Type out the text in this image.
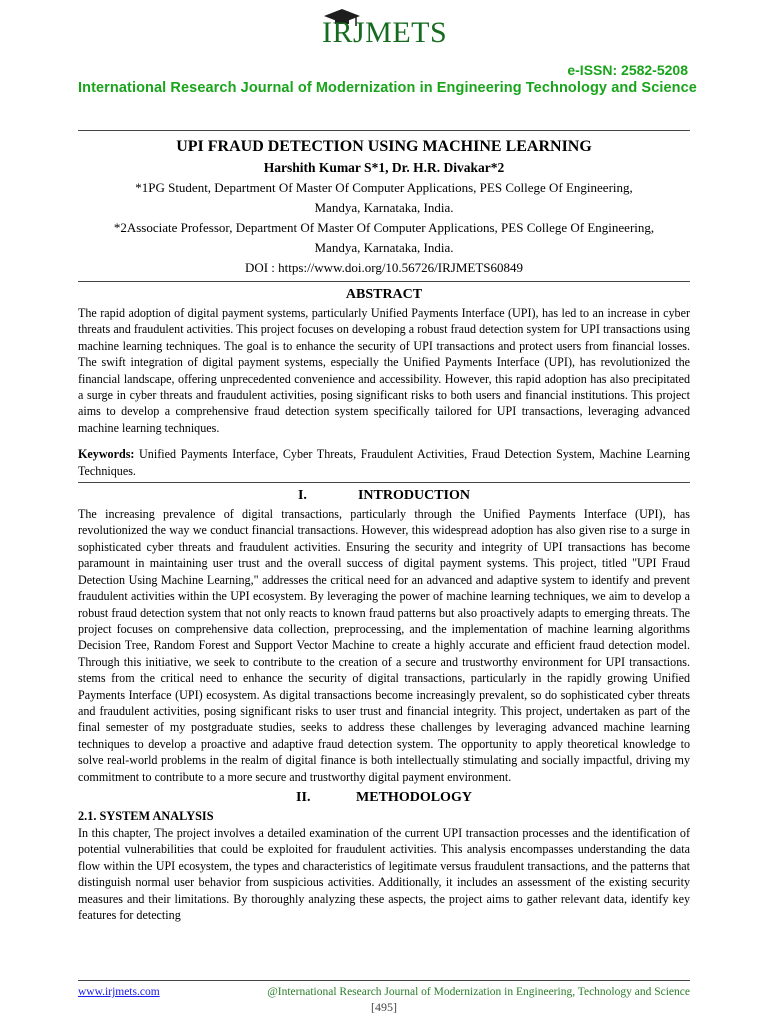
IRJMETS
e-ISSN: 2582-5208
International Research Journal of Modernization in Engineering Technology and Science
UPI FRAUD DETECTION USING MACHINE LEARNING
Harshith Kumar S*1, Dr. H.R. Divakar*2
*1PG Student, Department Of Master Of Computer Applications, PES College Of Engineering,
Mandya, Karnataka, India.
*2Associate Professor, Department Of Master Of Computer Applications, PES College Of Engineering,
Mandya, Karnataka, India.
DOI : https://www.doi.org/10.56726/IRJMETS60849
ABSTRACT

The rapid adoption of digital payment systems, particularly Unified Payments Interface (UPI), has led to an increase in cyber threats and fraudulent activities. This project focuses on developing a robust fraud detection system for UPI transactions using machine learning techniques. The goal is to enhance the security of UPI transactions and protect users from financial losses. The swift integration of digital payment systems, especially the Unified Payments Interface (UPI), has revolutionized the financial landscape, offering unprecedented convenience and accessibility. However, this rapid adoption has also precipitated a surge in cyber threats and fraudulent activities, posing significant risks to both users and financial institutions. This project aims to develop a comprehensive fraud detection system specifically tailored for UPI transactions, leveraging advanced machine learning techniques.

Keywords: Unified Payments Interface, Cyber Threats, Fraudulent Activities, Fraud Detection System, Machine Learning Techniques.

I.	INTRODUCTION

The increasing prevalence of digital transactions, particularly through the Unified Payments Interface (UPI), has revolutionized the way we conduct financial transactions. However, this widespread adoption has also given rise to a surge in sophisticated cyber threats and fraudulent activities. Ensuring the security and integrity of UPI transactions has become paramount in maintaining user trust and the overall success of digital payment systems. This project, titled "UPI Fraud Detection Using Machine Learning," addresses the critical need for an advanced and adaptive system to identify and prevent fraudulent activities within the UPI ecosystem. By leveraging the power of machine learning techniques, we aim to develop a robust fraud detection system that not only reacts to known fraud patterns but also proactively adapts to emerging threats. The project focuses on comprehensive data collection, preprocessing, and the implementation of machine learning algorithms Decision Tree, Random Forest and Support Vector Machine to create a highly accurate and efficient fraud detection model. Through this initiative, we seek to contribute to the creation of a secure and trustworthy environment for UPI transactions. stems from the critical need to enhance the security of digital transactions, particularly in the rapidly growing Unified Payments Interface (UPI) ecosystem. As digital transactions become increasingly prevalent, so do sophisticated cyber threats and fraudulent activities, posing significant risks to user trust and financial integrity. This project, undertaken as part of the final semester of my postgraduate studies, seeks to address these challenges by leveraging advanced machine learning techniques to develop a proactive and adaptive fraud detection system. The opportunity to apply theoretical knowledge to solve real-world problems in the realm of digital finance is both intellectually stimulating and socially impactful, driving my commitment to contribute to a more secure and trustworthy digital payment environment.

II.	METHODOLOGY

2.1. SYSTEM ANALYSIS

In this chapter, The project involves a detailed examination of the current UPI transaction processes and the identification of potential vulnerabilities that could be exploited for fraudulent activities. This analysis encompasses understanding the data flow within the UPI ecosystem, the types and characteristics of legitimate versus fraudulent transactions, and the patterns that distinguish normal user behavior from suspicious activities. Additionally, it includes an assessment of the existing security measures and their limitations. By thoroughly analyzing these aspects, the project aims to gather relevant data, identify key features for detecting

www.irjmets.com	@International Research Journal of Modernization in Engineering, Technology and Science
[495]
